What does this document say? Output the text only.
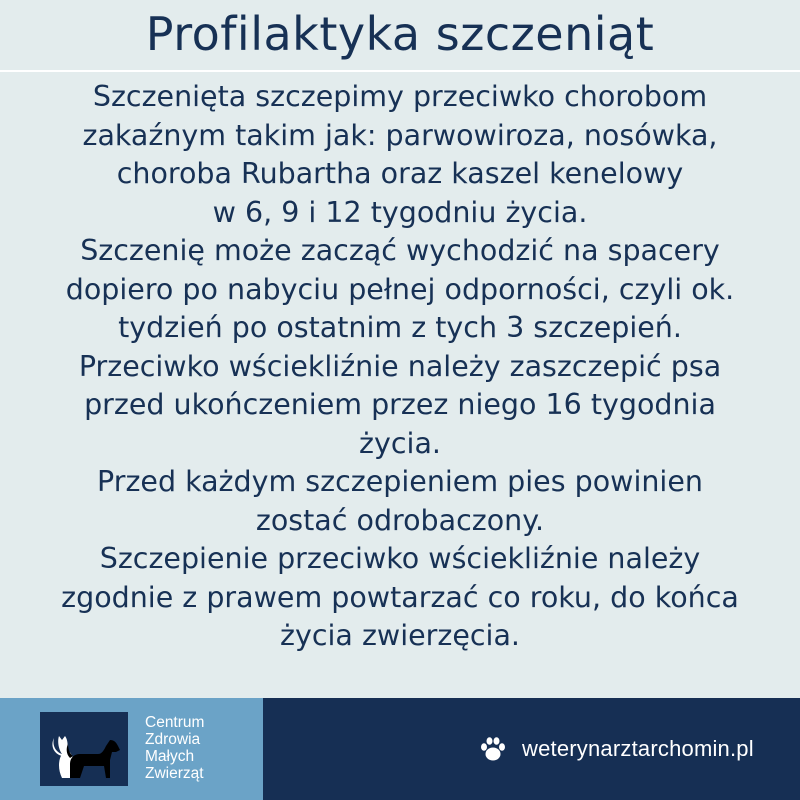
Profilaktyka szczeniąt
Szczenięta szczepimy przeciwko chorobom
zakaźnym takim jak: parwowiroza, nosówka,
choroba Rubartha oraz kaszel kenelowy
w 6, 9 i 12 tygodniu życia.
Szczenię może zacząć wychodzić na spacery
dopiero po nabyciu pełnej odporności, czyli ok.
tydzień po ostatnim z tych 3 szczepień.
Przeciwko wściekliźnie należy zaszczepić psa
przed ukończeniem przez niego 16 tygodnia
życia.
Przed każdym szczepieniem pies powinien
zostać odrobaczony.
Szczepienie przeciwko wściekliźnie należy
zgodnie z prawem powtarzać co roku, do końca
życia zwierzęcia.
Centrum
Zdrowia
Małych
Zwierząt
weterynarztarchomin.pl
